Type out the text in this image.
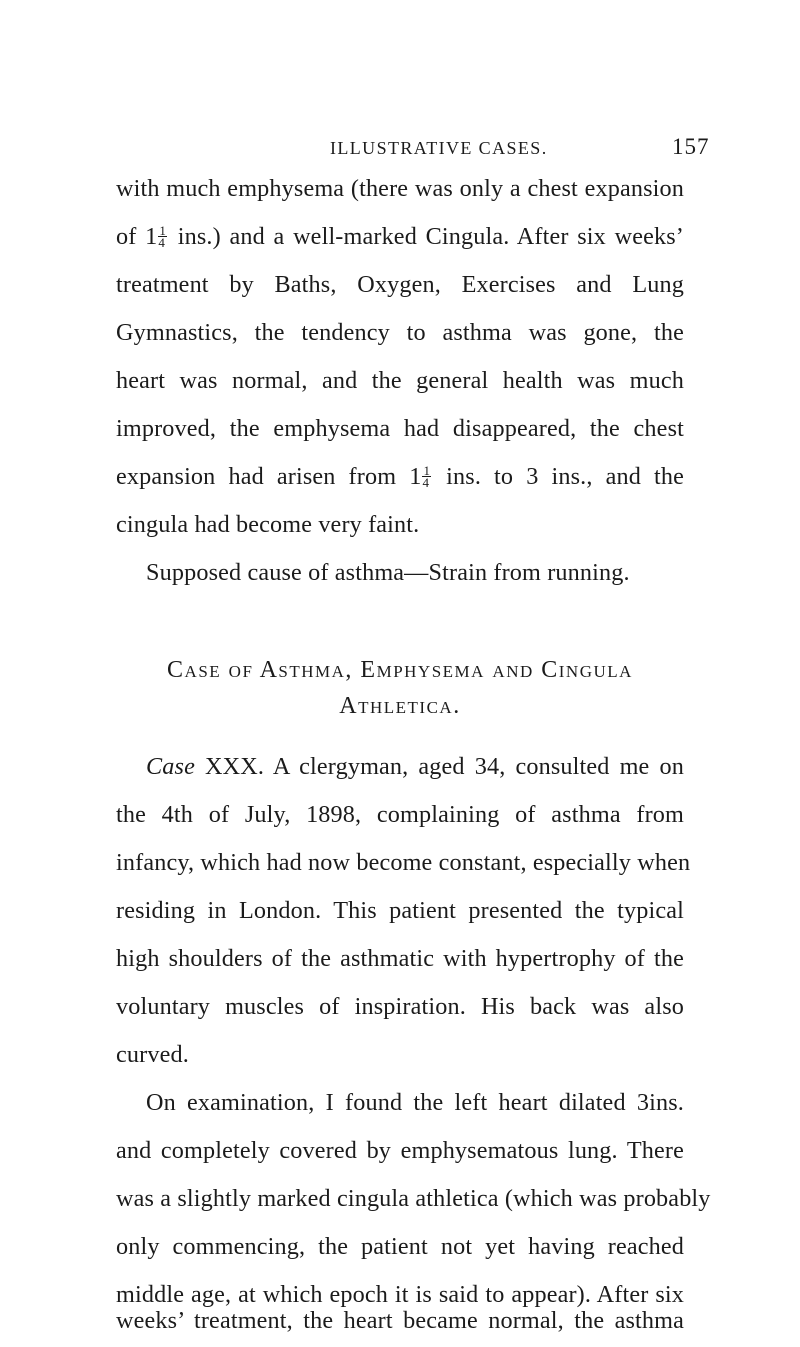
ILLUSTRATIVE CASES.	157
with much emphysema (there was only a chest expansion
of $1 \frac{1}{4} ins$.) and a well-marked Cingula. After six weeks’
treatment by Baths, Oxygen, Exercises and Lung
Gymnastics, the tendency to asthma was gone, the
heart was normal, and the general health was much
improved, the emphysema had disappeared, the chest
expansion had arisen from $1 \frac{1}{4}$ ins. to 3 ins., and the
cingula had become very faint.
Supposed cause of asthma—Strain from running.
Case of Asthma, Emphysema and Cingula
Athletica.
Case XXX. A clergyman, aged 34, consulted me on
the 4th of July, 1898, complaining of asthma from
infancy, which had now become constant, especially when
residing in London. This patient presented the typical
high shoulders of the asthmatic with hypertrophy of the
voluntary muscles of inspiration. His back was also
curved.
On examination, I found the left heart dilated 3ins.
and completely covered by emphysematous lung. There
was a slightly marked cingula athletica (which was probably
only commencing, the patient not yet having reached
middle age, at which epoch it is said to appear). After six
weeks’ treatment, the heart became normal, the asthma
